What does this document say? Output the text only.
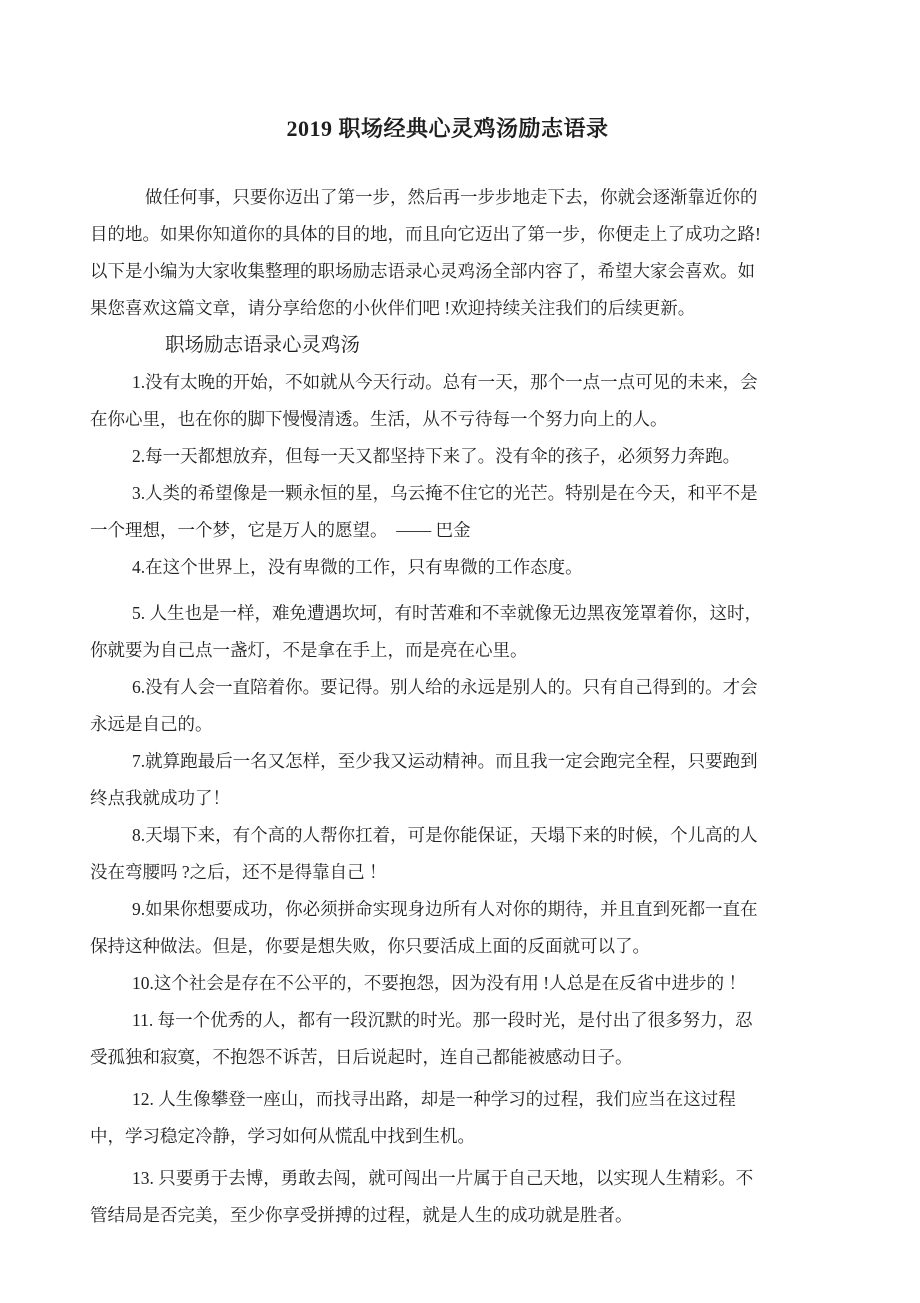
2019 职场经典心灵鸡汤励志语录

做任何事，只要你迈出了第一步，然后再一步步地走下去，你就会逐渐靠近你的目的地。如果你知道你的具体的目的地，而且向它迈出了第一步，你便走上了成功之路!以下是小编为大家收集整理的职场励志语录心灵鸡汤全部内容了，希望大家会喜欢。如果您喜欢这篇文章，请分享给您的小伙伴们吧 !欢迎持续关注我们的后续更新。

职场励志语录心灵鸡汤

1.没有太晚的开始，不如就从今天行动。总有一天，那个一点一点可见的未来，会在你心里，也在你的脚下慢慢清透。生活，从不亏待每一个努力向上的人。

2.每一天都想放弃，但每一天又都坚持下来了。没有伞的孩子，必须努力奔跑。

3.人类的希望像是一颗永恒的星，乌云掩不住它的光芒。特别是在今天，和平不是一个理想，一个梦，它是万人的愿望。　—— 巴金

4.在这个世界上，没有卑微的工作，只有卑微的工作态度。

5. 人生也是一样，难免遭遇坎坷，有时苦难和不幸就像无边黑夜笼罩着你，这时，你就要为自己点一盏灯，不是拿在手上，而是亮在心里。

6.没有人会一直陪着你。要记得。别人给的永远是别人的。只有自己得到的。才会永远是自己的。

7.就算跑最后一名又怎样，至少我又运动精神。而且我一定会跑完全程，只要跑到终点我就成功了！

8.天塌下来，有个高的人帮你扛着，可是你能保证，天塌下来的时候，个儿高的人没在弯腰吗 ?之后，还不是得靠自己 ！

9.如果你想要成功，你必须拼命实现身边所有人对你的期待，并且直到死都一直在保持这种做法。但是，你要是想失败，你只要活成上面的反面就可以了。

10.这个社会是存在不公平的，不要抱怨，因为没有用 !人总是在反省中进步的 ！

11. 每一个优秀的人，都有一段沉默的时光。那一段时光，是付出了很多努力，忍受孤独和寂寞，不抱怨不诉苦，日后说起时，连自己都能被感动日子。

12. 人生像攀登一座山，而找寻出路，却是一种学习的过程，我们应当在这过程中，学习稳定冷静，学习如何从慌乱中找到生机。

13. 只要勇于去博，勇敢去闯，就可闯出一片属于自己天地，以实现人生精彩。不管结局是否完美，至少你享受拼搏的过程，就是人生的成功就是胜者。
